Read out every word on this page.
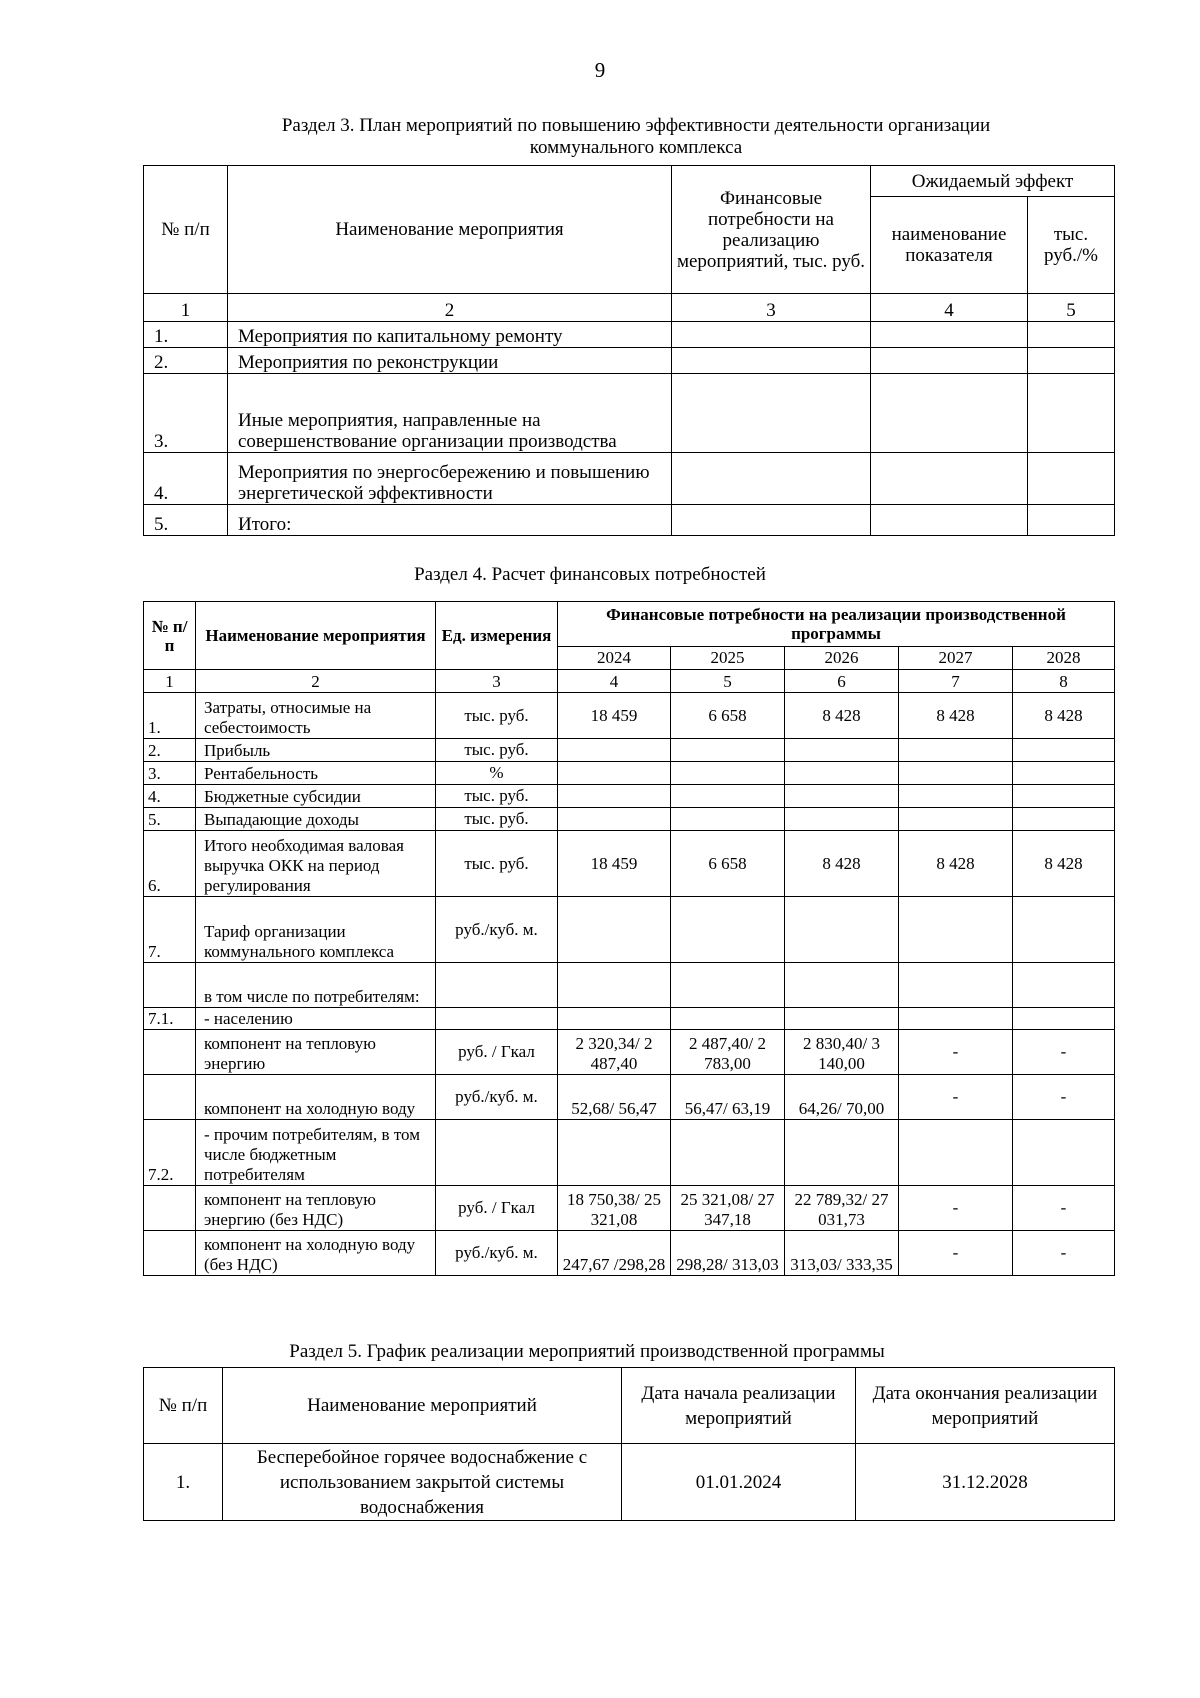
9
Раздел 3. План мероприятий по повышению эффективности деятельности организации
коммунального комплекса
№ п/п	Наименование мероприятия	Финансовые потребности на реализацию мероприятий, тыс. руб.	Ожидаемый эффект	
			наименование показателя	тыс. руб./%
1	2	3	4	5
1.	Мероприятия по капитальному ремонту			
2.	Мероприятия по реконструкции			
3.	Иные мероприятия, направленные на совершенствование организации производства			
4.	Мероприятия по энергосбережению и повышению энергетической эффективности			
5.	Итого:			
Раздел 4. Расчет финансовых потребностей
№ п/п	Наименование мероприятия	Ед. измерения	Финансовые потребности на реализации производственной программы				
			2024	2025	2026	2027	2028
1	2	3	4	5	6	7	8
1.	Затраты, относимые на себестоимость	тыс. руб.	18 459	6 658	8 428	8 428	8 428
2.	Прибыль	тыс. руб.					
3.	Рентабельность	%					
4.	Бюджетные субсидии	тыс. руб.					
5.	Выпадающие доходы	тыс. руб.					
6.	Итого необходимая валовая выручка ОКК на период регулирования	тыс. руб.	18 459	6 658	8 428	8 428	8 428
7.	Тариф организации коммунального комплекса	руб./куб. м.					
	в том числе по потребителям:						
7.1.	- населению						
	компонент на тепловую энергию	руб. / Гкал	2 320,34/ 2 487,40	2 487,40/ 2 783,00	2 830,40/ 3 140,00	-	-
	компонент на холодную воду	руб./куб. м.	52,68/ 56,47	56,47/ 63,19	64,26/ 70,00	-	-
7.2.	- прочим потребителям, в том числе бюджетным потребителям						
	компонент на тепловую энергию (без НДС)	руб. / Гкал	18 750,38/ 25 321,08	25 321,08/ 27 347,18	22 789,32/ 27 031,73	-	-
	компонент на холодную воду (без НДС)	руб./куб. м.	247,67 /298,28	298,28/ 313,03	313,03/ 333,35	-	-
Раздел 5. График реализации мероприятий производственной программы
№ п/п	Наименование мероприятий	Дата начала реализации мероприятий	Дата окончания реализации мероприятий
1.	Бесперебойное горячее водоснабжение с использованием закрытой системы водоснабжения	01.01.2024	31.12.2028
